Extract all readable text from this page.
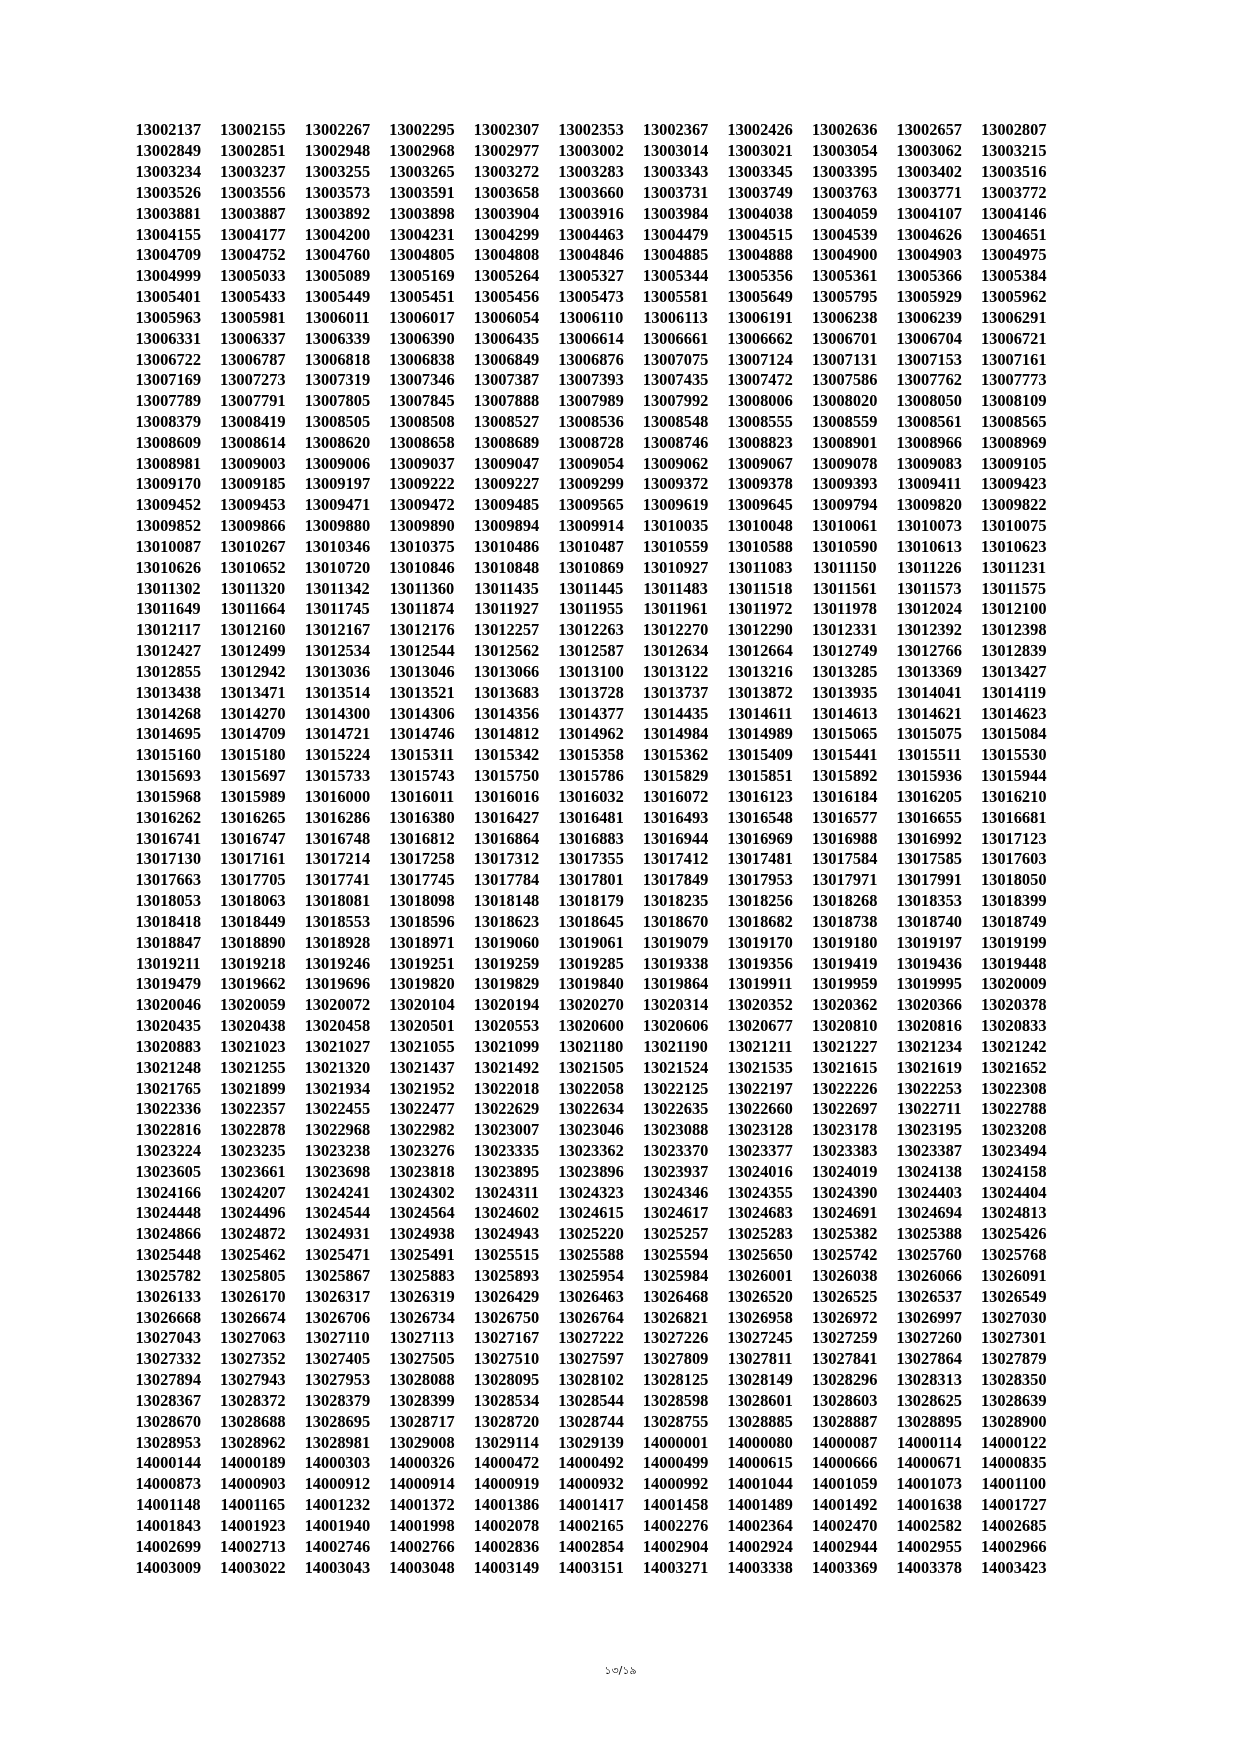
13002137	13002155	13002267	13002295	13002307	13002353	13002367	13002426	13002636	13002657	13002807
13002849	13002851	13002948	13002968	13002977	13003002	13003014	13003021	13003054	13003062	13003215
13003234	13003237	13003255	13003265	13003272	13003283	13003343	13003345	13003395	13003402	13003516
13003526	13003556	13003573	13003591	13003658	13003660	13003731	13003749	13003763	13003771	13003772
13003881	13003887	13003892	13003898	13003904	13003916	13003984	13004038	13004059	13004107	13004146
13004155	13004177	13004200	13004231	13004299	13004463	13004479	13004515	13004539	13004626	13004651
13004709	13004752	13004760	13004805	13004808	13004846	13004885	13004888	13004900	13004903	13004975
13004999	13005033	13005089	13005169	13005264	13005327	13005344	13005356	13005361	13005366	13005384
13005401	13005433	13005449	13005451	13005456	13005473	13005581	13005649	13005795	13005929	13005962
13005963	13005981	13006011	13006017	13006054	13006110	13006113	13006191	13006238	13006239	13006291
13006331	13006337	13006339	13006390	13006435	13006614	13006661	13006662	13006701	13006704	13006721
13006722	13006787	13006818	13006838	13006849	13006876	13007075	13007124	13007131	13007153	13007161
13007169	13007273	13007319	13007346	13007387	13007393	13007435	13007472	13007586	13007762	13007773
13007789	13007791	13007805	13007845	13007888	13007989	13007992	13008006	13008020	13008050	13008109
13008379	13008419	13008505	13008508	13008527	13008536	13008548	13008555	13008559	13008561	13008565
13008609	13008614	13008620	13008658	13008689	13008728	13008746	13008823	13008901	13008966	13008969
13008981	13009003	13009006	13009037	13009047	13009054	13009062	13009067	13009078	13009083	13009105
13009170	13009185	13009197	13009222	13009227	13009299	13009372	13009378	13009393	13009411	13009423
13009452	13009453	13009471	13009472	13009485	13009565	13009619	13009645	13009794	13009820	13009822
13009852	13009866	13009880	13009890	13009894	13009914	13010035	13010048	13010061	13010073	13010075
13010087	13010267	13010346	13010375	13010486	13010487	13010559	13010588	13010590	13010613	13010623
13010626	13010652	13010720	13010846	13010848	13010869	13010927	13011083	13011150	13011226	13011231
13011302	13011320	13011342	13011360	13011435	13011445	13011483	13011518	13011561	13011573	13011575
13011649	13011664	13011745	13011874	13011927	13011955	13011961	13011972	13011978	13012024	13012100
13012117	13012160	13012167	13012176	13012257	13012263	13012270	13012290	13012331	13012392	13012398
13012427	13012499	13012534	13012544	13012562	13012587	13012634	13012664	13012749	13012766	13012839
13012855	13012942	13013036	13013046	13013066	13013100	13013122	13013216	13013285	13013369	13013427
13013438	13013471	13013514	13013521	13013683	13013728	13013737	13013872	13013935	13014041	13014119
13014268	13014270	13014300	13014306	13014356	13014377	13014435	13014611	13014613	13014621	13014623
13014695	13014709	13014721	13014746	13014812	13014962	13014984	13014989	13015065	13015075	13015084
13015160	13015180	13015224	13015311	13015342	13015358	13015362	13015409	13015441	13015511	13015530
13015693	13015697	13015733	13015743	13015750	13015786	13015829	13015851	13015892	13015936	13015944
13015968	13015989	13016000	13016011	13016016	13016032	13016072	13016123	13016184	13016205	13016210
13016262	13016265	13016286	13016380	13016427	13016481	13016493	13016548	13016577	13016655	13016681
13016741	13016747	13016748	13016812	13016864	13016883	13016944	13016969	13016988	13016992	13017123
13017130	13017161	13017214	13017258	13017312	13017355	13017412	13017481	13017584	13017585	13017603
13017663	13017705	13017741	13017745	13017784	13017801	13017849	13017953	13017971	13017991	13018050
13018053	13018063	13018081	13018098	13018148	13018179	13018235	13018256	13018268	13018353	13018399
13018418	13018449	13018553	13018596	13018623	13018645	13018670	13018682	13018738	13018740	13018749
13018847	13018890	13018928	13018971	13019060	13019061	13019079	13019170	13019180	13019197	13019199
13019211	13019218	13019246	13019251	13019259	13019285	13019338	13019356	13019419	13019436	13019448
13019479	13019662	13019696	13019820	13019829	13019840	13019864	13019911	13019959	13019995	13020009
13020046	13020059	13020072	13020104	13020194	13020270	13020314	13020352	13020362	13020366	13020378
13020435	13020438	13020458	13020501	13020553	13020600	13020606	13020677	13020810	13020816	13020833
13020883	13021023	13021027	13021055	13021099	13021180	13021190	13021211	13021227	13021234	13021242
13021248	13021255	13021320	13021437	13021492	13021505	13021524	13021535	13021615	13021619	13021652
13021765	13021899	13021934	13021952	13022018	13022058	13022125	13022197	13022226	13022253	13022308
13022336	13022357	13022455	13022477	13022629	13022634	13022635	13022660	13022697	13022711	13022788
13022816	13022878	13022968	13022982	13023007	13023046	13023088	13023128	13023178	13023195	13023208
13023224	13023235	13023238	13023276	13023335	13023362	13023370	13023377	13023383	13023387	13023494
13023605	13023661	13023698	13023818	13023895	13023896	13023937	13024016	13024019	13024138	13024158
13024166	13024207	13024241	13024302	13024311	13024323	13024346	13024355	13024390	13024403	13024404
13024448	13024496	13024544	13024564	13024602	13024615	13024617	13024683	13024691	13024694	13024813
13024866	13024872	13024931	13024938	13024943	13025220	13025257	13025283	13025382	13025388	13025426
13025448	13025462	13025471	13025491	13025515	13025588	13025594	13025650	13025742	13025760	13025768
13025782	13025805	13025867	13025883	13025893	13025954	13025984	13026001	13026038	13026066	13026091
13026133	13026170	13026317	13026319	13026429	13026463	13026468	13026520	13026525	13026537	13026549
13026668	13026674	13026706	13026734	13026750	13026764	13026821	13026958	13026972	13026997	13027030
13027043	13027063	13027110	13027113	13027167	13027222	13027226	13027245	13027259	13027260	13027301
13027332	13027352	13027405	13027505	13027510	13027597	13027809	13027811	13027841	13027864	13027879
13027894	13027943	13027953	13028088	13028095	13028102	13028125	13028149	13028296	13028313	13028350
13028367	13028372	13028379	13028399	13028534	13028544	13028598	13028601	13028603	13028625	13028639
13028670	13028688	13028695	13028717	13028720	13028744	13028755	13028885	13028887	13028895	13028900
13028953	13028962	13028981	13029008	13029114	13029139	14000001	14000080	14000087	14000114	14000122
14000144	14000189	14000303	14000326	14000472	14000492	14000499	14000615	14000666	14000671	14000835
14000873	14000903	14000912	14000914	14000919	14000932	14000992	14001044	14001059	14001073	14001100
14001148	14001165	14001232	14001372	14001386	14001417	14001458	14001489	14001492	14001638	14001727
14001843	14001923	14001940	14001998	14002078	14002165	14002276	14002364	14002470	14002582	14002685
14002699	14002713	14002746	14002766	14002836	14002854	14002904	14002924	14002944	14002955	14002966
14003009	14003022	14003043	14003048	14003149	14003151	14003271	14003338	14003369	14003378	14003423
১৩/১৯
